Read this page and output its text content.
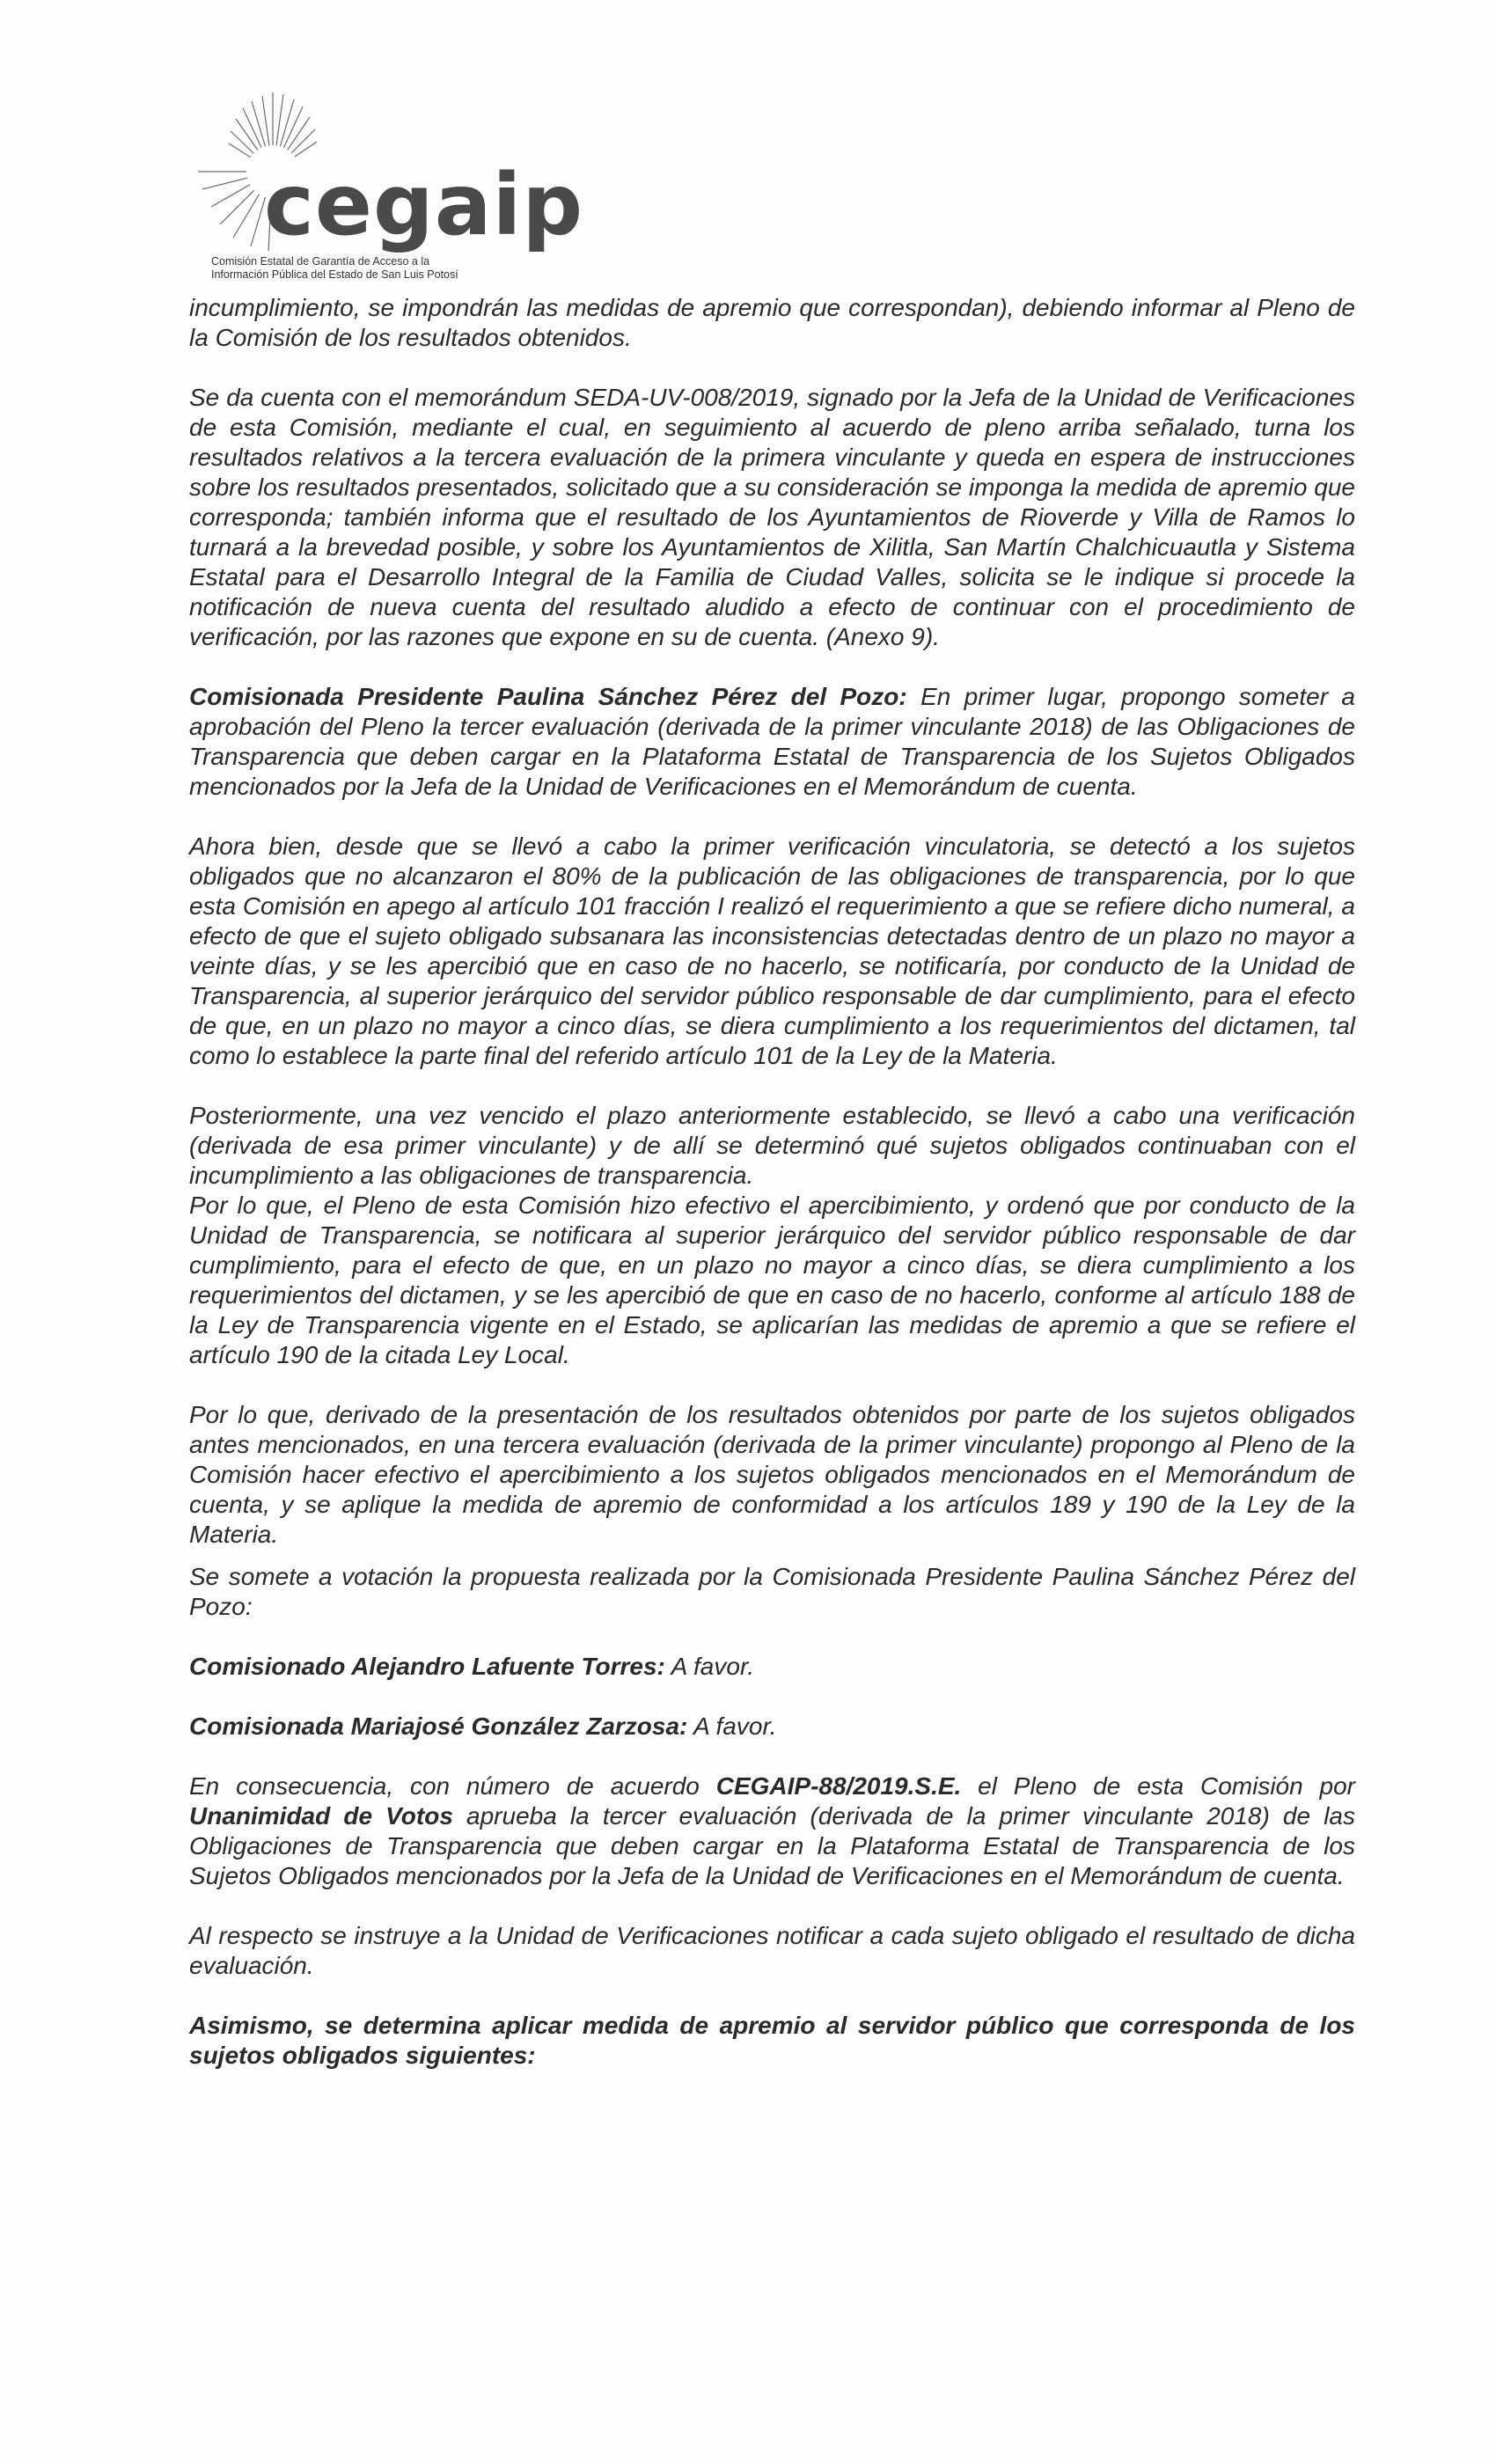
cegaip
Comisión Estatal de Garantía de Acceso a la
Información Pública del Estado de San Luis Potosí

incumplimiento, se impondrán las medidas de apremio que correspondan), debiendo informar al Pleno de la Comisión de los resultados obtenidos.

Se da cuenta con el memorándum SEDA-UV-008/2019, signado por la Jefa de la Unidad de Verificaciones de esta Comisión, mediante el cual, en seguimiento al acuerdo de pleno arriba señalado, turna los resultados relativos a la tercera evaluación de la primera vinculante y queda en espera de instrucciones sobre los resultados presentados, solicitado que a su consideración se imponga la medida de apremio que corresponda; también informa que el resultado de los Ayuntamientos de Rioverde y Villa de Ramos lo turnará a la brevedad posible, y sobre los Ayuntamientos de Xilitla, San Martín Chalchicuautla y Sistema Estatal para el Desarrollo Integral de la Familia de Ciudad Valles, solicita se le indique si procede la notificación de nueva cuenta del resultado aludido a efecto de continuar con el procedimiento de verificación, por las razones que expone en su de cuenta. (Anexo 9).

Comisionada Presidente Paulina Sánchez Pérez del Pozo: En primer lugar, propongo someter a aprobación del Pleno la tercer evaluación (derivada de la primer vinculante 2018) de las Obligaciones de Transparencia que deben cargar en la Plataforma Estatal de Transparencia de los Sujetos Obligados mencionados por la Jefa de la Unidad de Verificaciones en el Memorándum de cuenta.

Ahora bien, desde que se llevó a cabo la primer verificación vinculatoria, se detectó a los sujetos obligados que no alcanzaron el 80% de la publicación de las obligaciones de transparencia, por lo que esta Comisión en apego al artículo 101 fracción I realizó el requerimiento a que se refiere dicho numeral, a efecto de que el sujeto obligado subsanara las inconsistencias detectadas dentro de un plazo no mayor a veinte días, y se les apercibió que en caso de no hacerlo, se notificaría, por conducto de la Unidad de Transparencia, al superior jerárquico del servidor público responsable de dar cumplimiento, para el efecto de que, en un plazo no mayor a cinco días, se diera cumplimiento a los requerimientos del dictamen, tal como lo establece la parte final del referido artículo 101 de la Ley de la Materia.

Posteriormente, una vez vencido el plazo anteriormente establecido, se llevó a cabo una verificación (derivada de esa primer vinculante) y de allí se determinó qué sujetos obligados continuaban con el incumplimiento a las obligaciones de transparencia.

Por lo que, el Pleno de esta Comisión hizo efectivo el apercibimiento, y ordenó que por conducto de la Unidad de Transparencia, se notificara al superior jerárquico del servidor público responsable de dar cumplimiento, para el efecto de que, en un plazo no mayor a cinco días, se diera cumplimiento a los requerimientos del dictamen, y se les apercibió de que en caso de no hacerlo, conforme al artículo 188 de la Ley de Transparencia vigente en el Estado, se aplicarían las medidas de apremio a que se refiere el artículo 190 de la citada Ley Local.

Por lo que, derivado de la presentación de los resultados obtenidos por parte de los sujetos obligados antes mencionados, en una tercera evaluación (derivada de la primer vinculante) propongo al Pleno de la Comisión hacer efectivo el apercibimiento a los sujetos obligados mencionados en el Memorándum de cuenta, y se aplique la medida de apremio de conformidad a los artículos 189 y 190 de la Ley de la Materia.

Se somete a votación la propuesta realizada por la Comisionada Presidente Paulina Sánchez Pérez del Pozo:

Comisionado Alejandro Lafuente Torres: A favor.

Comisionada Mariajosé González Zarzosa: A favor.

En consecuencia, con número de acuerdo CEGAIP-88/2019.S.E. el Pleno de esta Comisión por Unanimidad de Votos aprueba la tercer evaluación (derivada de la primer vinculante 2018) de las Obligaciones de Transparencia que deben cargar en la Plataforma Estatal de Transparencia de los Sujetos Obligados mencionados por la Jefa de la Unidad de Verificaciones en el Memorándum de cuenta.

Al respecto se instruye a la Unidad de Verificaciones notificar a cada sujeto obligado el resultado de dicha evaluación.

Asimismo, se determina aplicar medida de apremio al servidor público que corresponda de los sujetos obligados siguientes:
